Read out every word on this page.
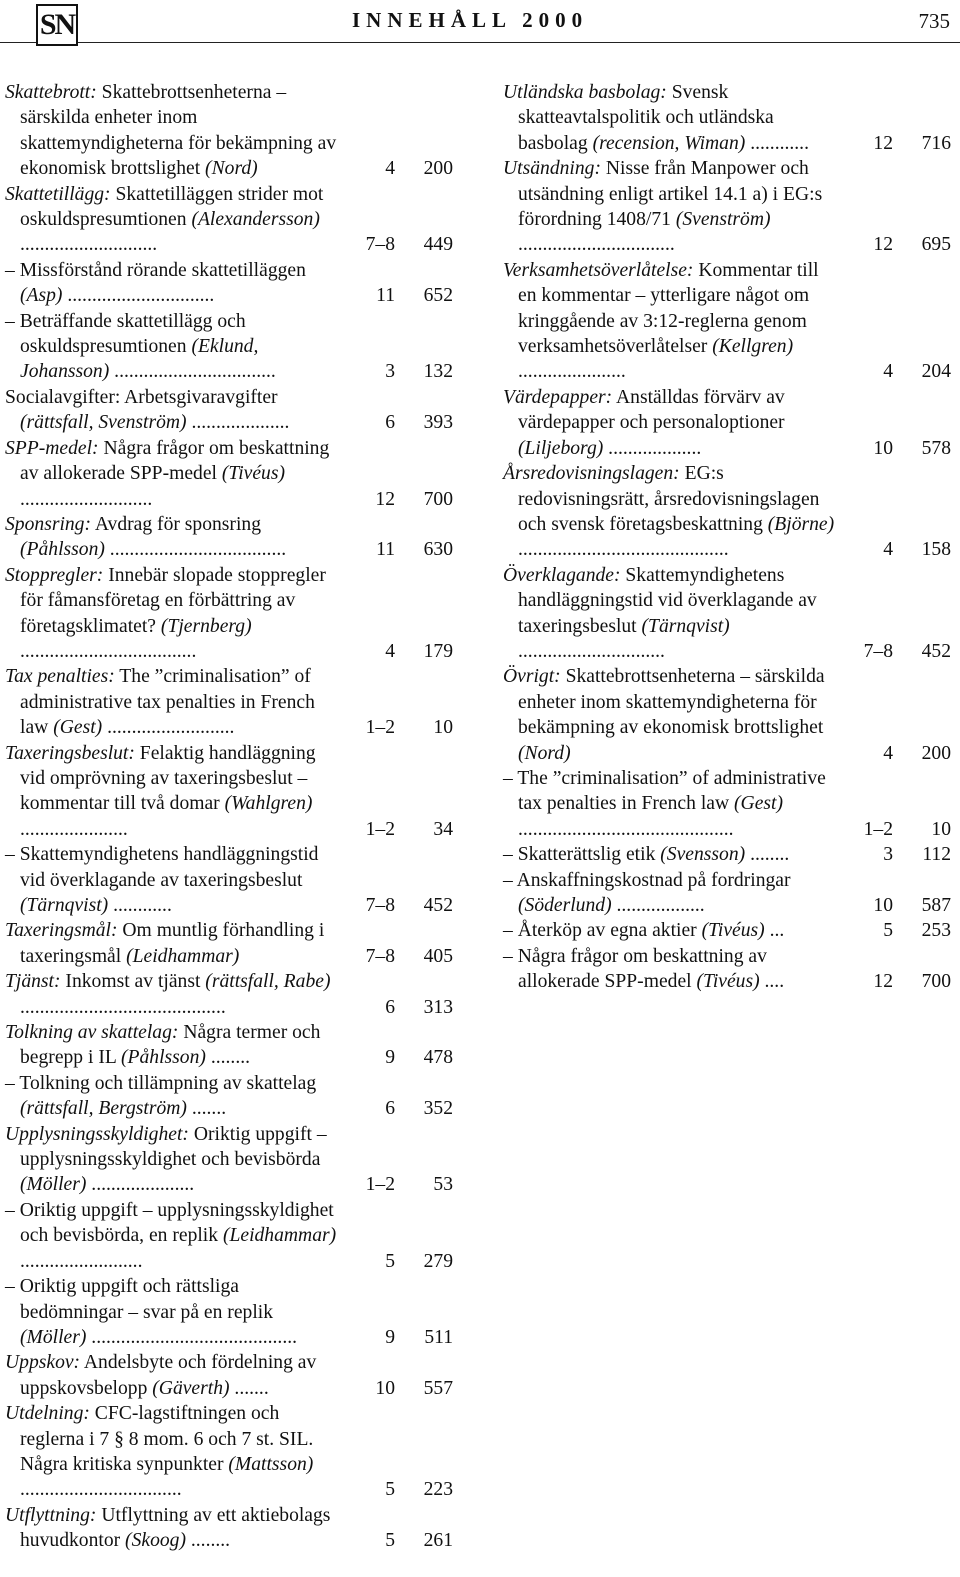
SN	INNEHÅLL 2000	735
Skattebrott: Skattebrottsenheterna – särskilda enheter inom skattemyndigheterna för bekämpning av ekonomisk brottslighet (Nord)	4	200
Skattetillägg: Skattetilläggen strider mot oskuldspresumtionen (Alexandersson) ............................	7–8	449
– Missförstånd rörande skattetilläggen (Asp) ..............................	11	652
– Beträffande skattetillägg och oskuldspresumtionen (Eklund, Johansson) .................................	3	132
Socialavgifter: Arbetsgivaravgifter (rättsfall, Svenström) ....................	6	393
SPP-medel: Några frågor om beskattning av allokerade SPP-medel (Tivéus) ...........................	12	700
Sponsring: Avdrag för sponsring (Påhlsson) ....................................	11	630
Stoppregler: Innebär slopade stoppregler för fåmansföretag en förbättring av företagsklimatet? (Tjernberg) ....................................	4	179
Tax penalties: The ”criminalisation” of administrative tax penalties in French law (Gest) ..........................	1–2	10
Taxeringsbeslut: Felaktig handläggning vid omprövning av taxeringsbeslut – kommentar till två domar (Wahlgren) ......................	1–2	34
– Skattemyndighetens handläggningstid vid överklagande av taxeringsbeslut (Tärnqvist) ............	7–8	452
Taxeringsmål: Om muntlig förhandling i taxeringsmål (Leidhammar)	7–8	405
Tjänst: Inkomst av tjänst (rättsfall, Rabe) ..........................................	6	313
Tolkning av skattelag: Några termer och begrepp i IL (Påhlsson) ........	9	478
– Tolkning och tillämpning av skattelag (rättsfall, Bergström) .......	6	352
Upplysningsskyldighet: Oriktig uppgift – upplysningsskyldighet och bevisbörda (Möller) .....................	1–2	53
– Oriktig uppgift – upplysningsskyldighet och bevisbörda, en replik (Leidhammar) .........................	5	279
– Oriktig uppgift och rättsliga bedömningar – svar på en replik (Möller) ..........................................	9	511
Uppskov: Andelsbyte och fördelning av uppskovsbelopp (Gäverth) .......	10	557
Utdelning: CFC-lagstiftningen och reglerna i 7 § 8 mom. 6 och 7 st. SIL. Några kritiska synpunkter (Mattsson) .................................	5	223
Utflyttning: Utflyttning av ett aktiebolags huvudkontor (Skoog) ........	5	261
Utländska basbolag: Svensk skatteavtalspolitik och utländska basbolag (recension, Wiman) ............	12	716
Utsändning: Nisse från Manpower och utsändning enligt artikel 14.1 a) i EG:s förordning 1408/71 (Svenström) ................................	12	695
Verksamhetsöverlåtelse: Kommentar till en kommentar – ytterligare något om kringgående av 3:12-reglerna genom verksamhetsöverlåtelser (Kellgren) ......................	4	204
Värdepapper: Anställdas förvärv av värdepapper och personaloptioner (Liljeborg) ...................	10	578
Årsredovisningslagen: EG:s redovisningsrätt, årsredovisningslagen och svensk företagsbeskattning (Björne) ...........................................	4	158
Överklagande: Skattemyndighetens handläggningstid vid överklagande av taxeringsbeslut (Tärnqvist) ..............................	7–8	452
Övrigt: Skattebrottsenheterna – särskilda enheter inom skattemyndigheterna för bekämpning av ekonomisk brottslighet (Nord)	4	200
– The ”criminalisation” of administrative tax penalties in French law (Gest) ............................................	1–2	10
– Skatterättslig etik (Svensson) ........	3	112
– Anskaffningskostnad på fordringar (Söderlund) ..................	10	587
– Återköp av egna aktier (Tivéus) ...	5	253
– Några frågor om beskattning av allokerade SPP-medel (Tivéus) ....	12	700
